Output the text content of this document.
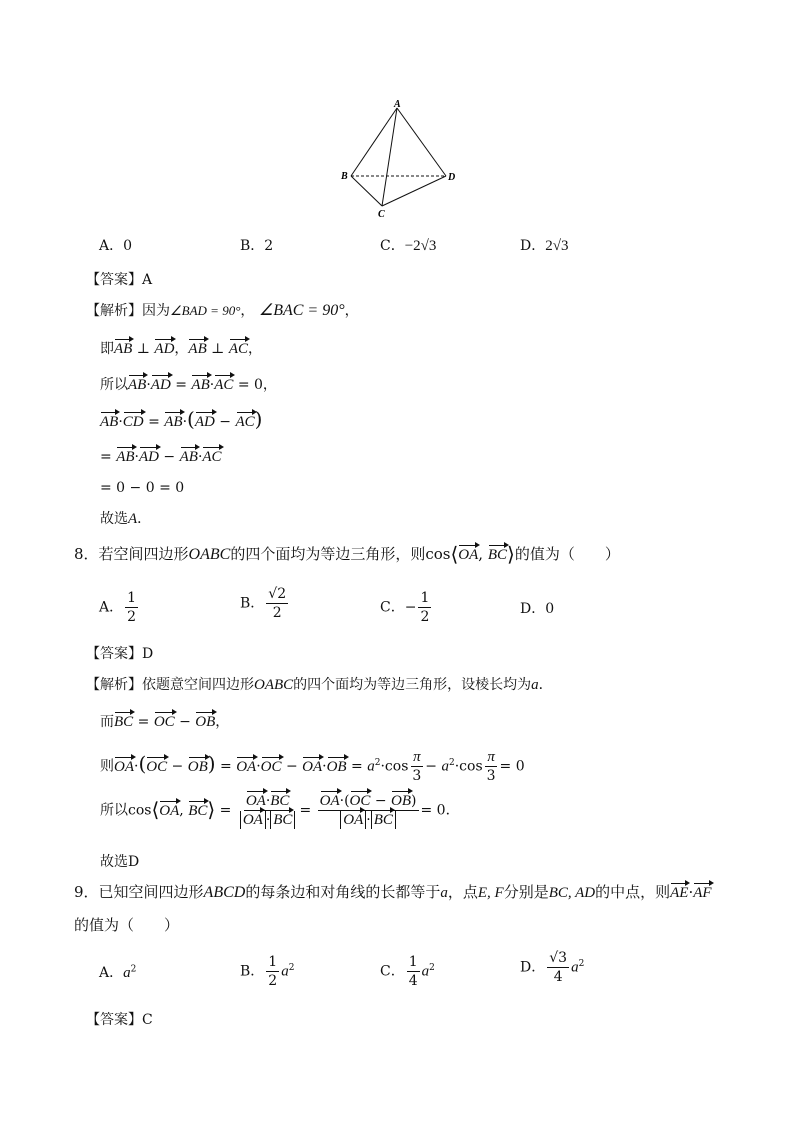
A
B
C
D
A．0	B．2	C．−2√3	D．2√3
【答案】A
【解析】因为∠BAD = 90°， ∠BAC = 90°，
即AB ⊥ AD，AB ⊥ AC，
所以AB·AD = AB·AC = 0，
AB·CD = AB·(AD − AC)
= AB·AD − AB·AC
= 0 − 0 = 0
故选A．
8．若空间四边形OABC的四个面均为等边三角形，则cos⟨OA, BC⟩的值为（　　）
A． $\frac{1}{2}$	B． $\frac{√2}{2}$	C．− $\frac{1}{2}$	D．0
【答案】D
【解析】依题意空间四边形OABC的四个面均为等边三角形，设棱长均为a．
而BC = OC − OB，
则$OA\cdot(OC - OB) = OA\cdot OC - OA\cdot OB = a^2\cdot\cos \frac{\pi}{3} - a^2\cdot\cos \frac{\pi}{3} = 0$
所以cos⟨OA, BC⟩ = $\frac{OA\cdot BC}{OA \cdot BC} = \frac{OA\cdot(OC - OB)}{OA \cdot BC} = 0$．
故选D
9．已知空间四边形ABCD的每条边和对角线的长都等于a，点E, F分别是BC, AD的中点，则AE·AF
的值为（　　）
A．$a^2$	B． $\frac{1}{2} a^2$	C． $\frac{1}{4} a^2$	D． $\frac{√3}{4} a^2$
【答案】C
